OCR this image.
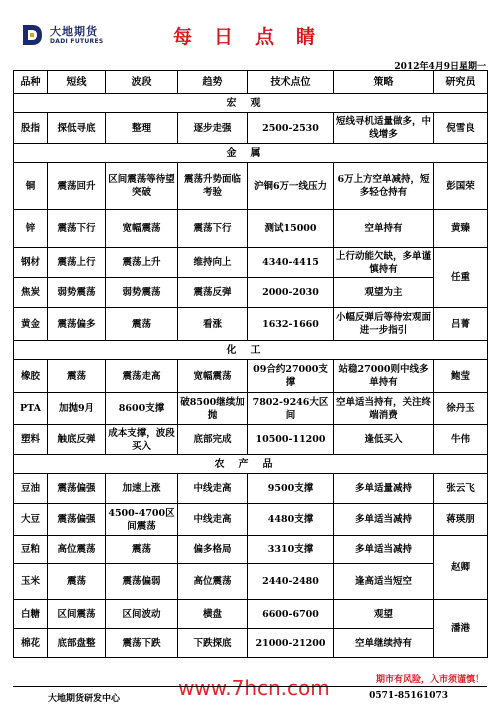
大地期货
DADI FUTURES	每日点睛
2012年4月9日星期一
品种	短线	波段	趋势	技术点位	策略	研究员
宏观						
股指	探低寻底	整理	逐步走强	2500-2530	短线寻机适量做多，中线增多	倪雪良
金属						
铜	震荡回升	区间震荡等待望突破	震荡升势面临考验	沪铜6万一线压力	6万上方空单减持，短多轻仓持有	彭国荣
锌	震荡下行	宽幅震荡	震荡下行	测试15000	空单持有	黄臻
钢材	震荡上行	震荡上升	维持向上	4340-4415	上行动能欠缺，多单谨慎持有	任重
焦炭	弱势震荡	弱势震荡	震荡反弹	2000-2030	观望为主	
黄金	震荡偏多	震荡	看涨	1632-1660	小幅反弹后等待宏观面进一步指引	吕菁
化工						
橡胶	震荡	震荡走高	宽幅震荡	09合约27000支撑	站稳27000则中线多单持有	鲍莹
PTA	加抛9月	8600支撑	破8500继续加抛	7802-9246大区间	空单适当持有，关注终端消费	徐丹玉
塑料	触底反弹	成本支撑，波段买入	底部完成	10500-11200	逢低买入	牛伟
农产品						
豆油	震荡偏强	加速上涨	中线走高	9500支撑	多单适量减持	张云飞
大豆	震荡偏强	4500-4700区间震荡	中线走高	4480支撑	多单适当减持	蒋瑛朋
豆粕	高位震荡	震荡	偏多格局	3310支撑	多单适当减持	赵卿
玉米	震荡	震荡偏弱	高位震荡	2440-2480	逢高适当短空	
白糖	区间震荡	区间波动	横盘	6600-6700	观望	潘港
棉花	底部盘整	震荡下跌	下跌探底	21000-21200	空单继续持有	
期市有风险，入市须谨慎！
www.7hcn.com
大地期货研发中心	0571-85161073
